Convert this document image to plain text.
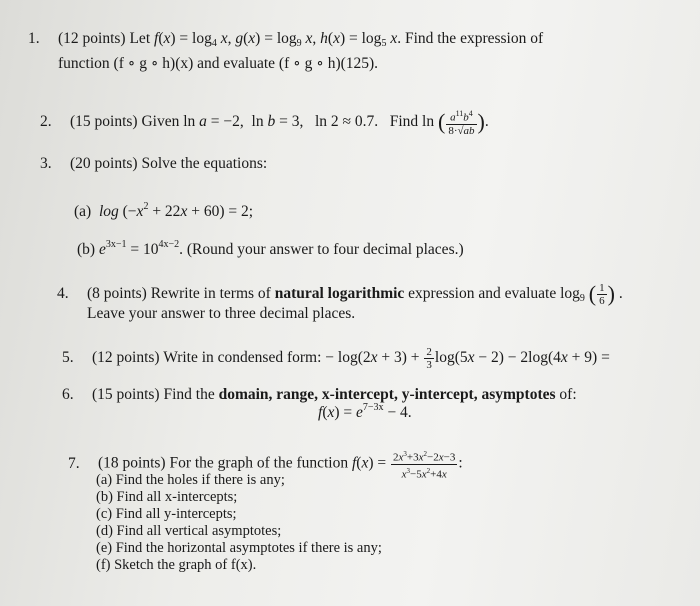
1. (12 points) Let $f(x) = \log_4 x$, $g(x) = \log_9 x$, $h(x) = \log_5 x$. Find the expression of
function (f ∘ g ∘ h)(x) and evaluate (f ∘ g ∘ h)(125).
2. (15 points) Given ln a = −2,  ln b = 3,   ln 2 ≈ 0.7.   Find ln ( $\frac{a^{11}b^4}{8\cdot√ab}$ ).
3. (20 points) Solve the equations:
(a) $\log (-x^2 + 22x + 60) = 2$;
(b) $e^{3x-1} = 10^{4x-2}$. (Round your answer to four decimal places.)
4. (8 points) Rewrite in terms of natural logarithmic expression and evaluate $\log_9$ ( $\frac{1}{6}$ ) .
Leave your answer to three decimal places.
5. (12 points) Write in condensed form: − $\log(2x + 3) + \frac{2}{3} \log(5x - 2) - 2\log(4x + 9)$ =
6. (15 points) Find the domain, range, x-intercept, y-intercept, asymptotes of:
$f(x) = e^{7-3x} - 4$.
7. (18 points) For the graph of the function $f(x) = \frac{2x^3+3x^2-2x-3}{x^3-5x^2+4x}$ :
(a) Find the holes if there is any;
(b) Find all x-intercepts;
(c) Find all y-intercepts;
(d) Find all vertical asymptotes;
(e) Find the horizontal asymptotes if there is any;
(f) Sketch the graph of f(x).
